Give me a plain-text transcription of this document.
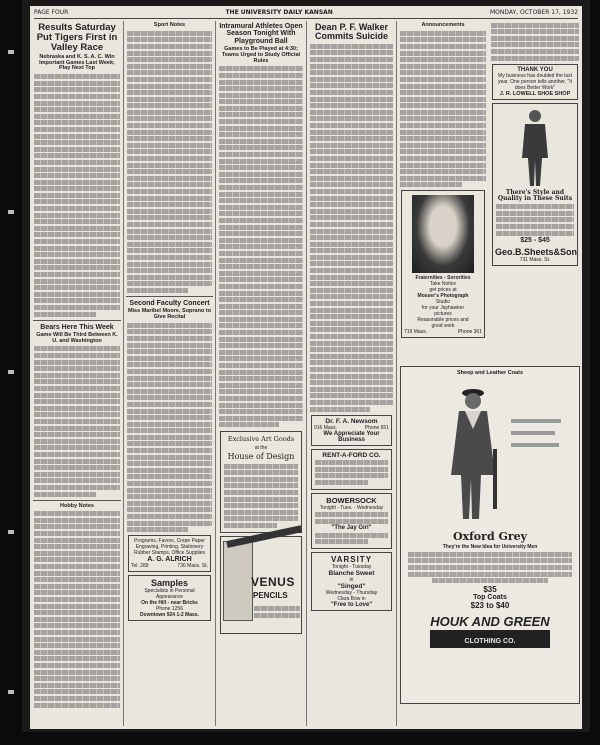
PAGE FOUR	THE UNIVERSITY DAILY KANSAN	MONDAY, OCTOBER 17, 1932
Results Saturday Put Tigers First in Valley Race
Nebraska and K. S. A. C. Win Important Games Last Week; Play Next Top
Bears Here This Week
Game Will Be Third Between K. U. and Washington
Hobby Notes
Sport Notes
Second Faculty Concert
Miss Maribel Moore, Soprano to Give Recital
Programs, Favors, Crepe Paper
Engraving, Printing, Stationery
Rubber Stamps, Office Supplies
A. G. ALRICH
Tel. 289	736 Mass. St.
Samples
Specialists in Personal
Appearance
On the Hill - near Bricks
Phone 1256
Downtown 924 1-2 Mass.
Intramural Athletes Open Season Tonight With Playground Ball
Games to Be Played at 4:30; Teams Urged to Study Official Rules
Exclusive Art Goods
at the
House of Design
VENUS
PENCILS
Dean P. F. Walker Commits Suicide
Dr. F. A. Newsom
916 Mass.	Phone 651
We Appreciate Your Business
RENT-A-FORD CO.
BOWERSOCK
Tonight - Tues. - Wednesday
"The Jay Girl"
VARSITY
Tonight - Tuesday
Blanche Sweet
in
"Singed"
Wednesday - Thursday
Clara Bow in
"Free to Love"
Announcements
Fraternities - Sororities
Take Notice
get prices at
Mosser's Photograph
Studio
for your Jayhawker
pictures
Reasonable prices and
good work
719 Mass.	Phone 361
THANK YOU
My business has doubled the last year. One person tells another, "It does Better Work"
J. R. LOWELL SHOE SHOP
There's Style and Quality in These Suits
$25 - $45
Geo.B.Sheets&Son
731 Mass. St.
Sheep and Leather Coats
Oxford Grey
They're the New Idea for University Men
$35
Top Coats
$23 to $40
HOUK AND GREEN
CLOTHING CO.
